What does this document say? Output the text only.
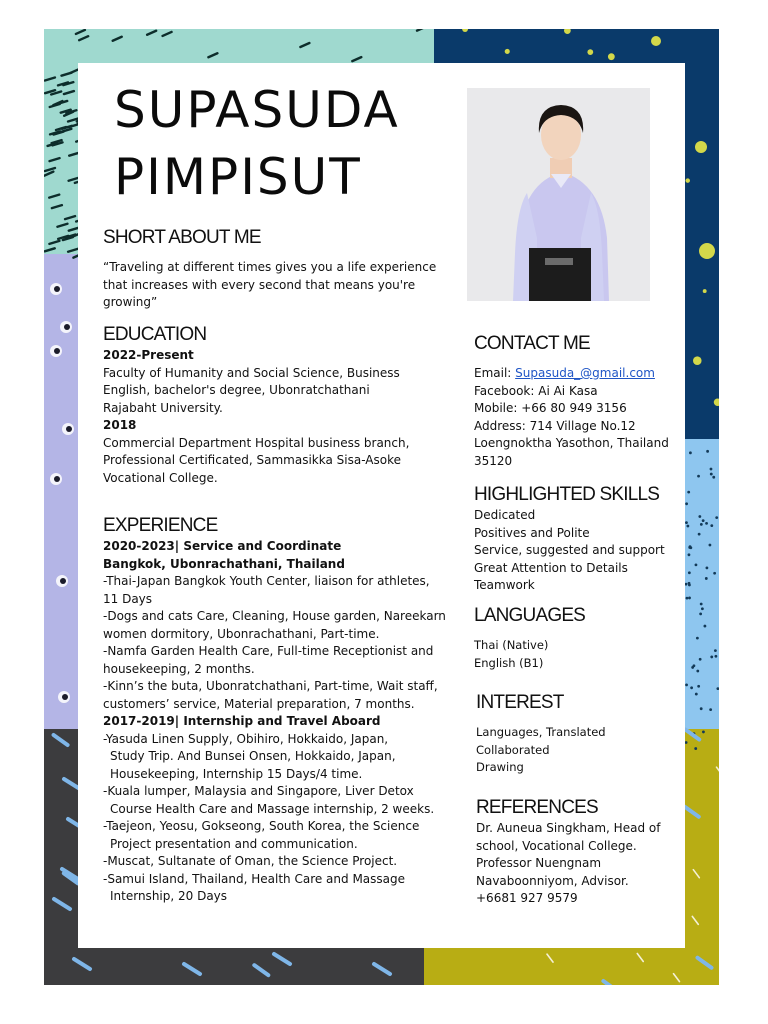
SUPASUDA
PIMPISUT
SHORT ABOUT ME
“Traveling at different times gives you a life experience
that increases with every second that means you're
growing”
EDUCATION
2022-Present
Faculty of Humanity and Social Science, Business
English, bachelor's degree, Ubonratchathani
Rajabaht University.
2018
Commercial Department Hospital business branch,
Professional Certificated, Sammasikka Sisa-Asoke
Vocational College.
EXPERIENCE
2020-2023| Service and Coordinate
Bangkok, Ubonrachathani, Thailand
-Thai-Japan Bangkok Youth Center, liaison for athletes,
11 Days
-Dogs and cats Care, Cleaning, House garden, Nareekarn
women dormitory, Ubonrachathani, Part-time.
-Namfa Garden Health Care, Full-time Receptionist and
housekeeping, 2 months.
-Kinn’s the buta, Ubonratchathani, Part-time, Wait staff,
customers’ service, Material preparation, 7 months.
2017-2019| Internship and Travel Aboard
-Yasuda Linen Supply, Obihiro, Hokkaido, Japan,
Study Trip. And Bunsei Onsen, Hokkaido, Japan,
Housekeeping, Internship 15 Days/4 time.
-Kuala lumper, Malaysia and Singapore, Liver Detox
Course Health Care and Massage internship, 2 weeks.
-Taejeon, Yeosu, Gokseong, South Korea, the Science
Project presentation and communication.
-Muscat, Sultanate of Oman, the Science Project.
-Samui Island, Thailand, Health Care and Massage
Internship, 20 Days
CONTACT ME
Email: Supasuda_@gmail.com
Facebook: Ai Ai Kasa
Mobile: +66 80 949 3156
Address: 714 Village No.12
Loengnoktha Yasothon, Thailand
35120
HIGHLIGHTED SKILLS
Dedicated
Positives and Polite
Service, suggested and support
Great Attention to Details
Teamwork
LANGUAGES
Thai (Native)
English (B1)
INTEREST
Languages, Translated
Collaborated
Drawing
REFERENCES
Dr. Auneua Singkham, Head of
school, Vocational College.
Professor Nuengnam
Navaboonniyom, Advisor.
+6681 927 9579
